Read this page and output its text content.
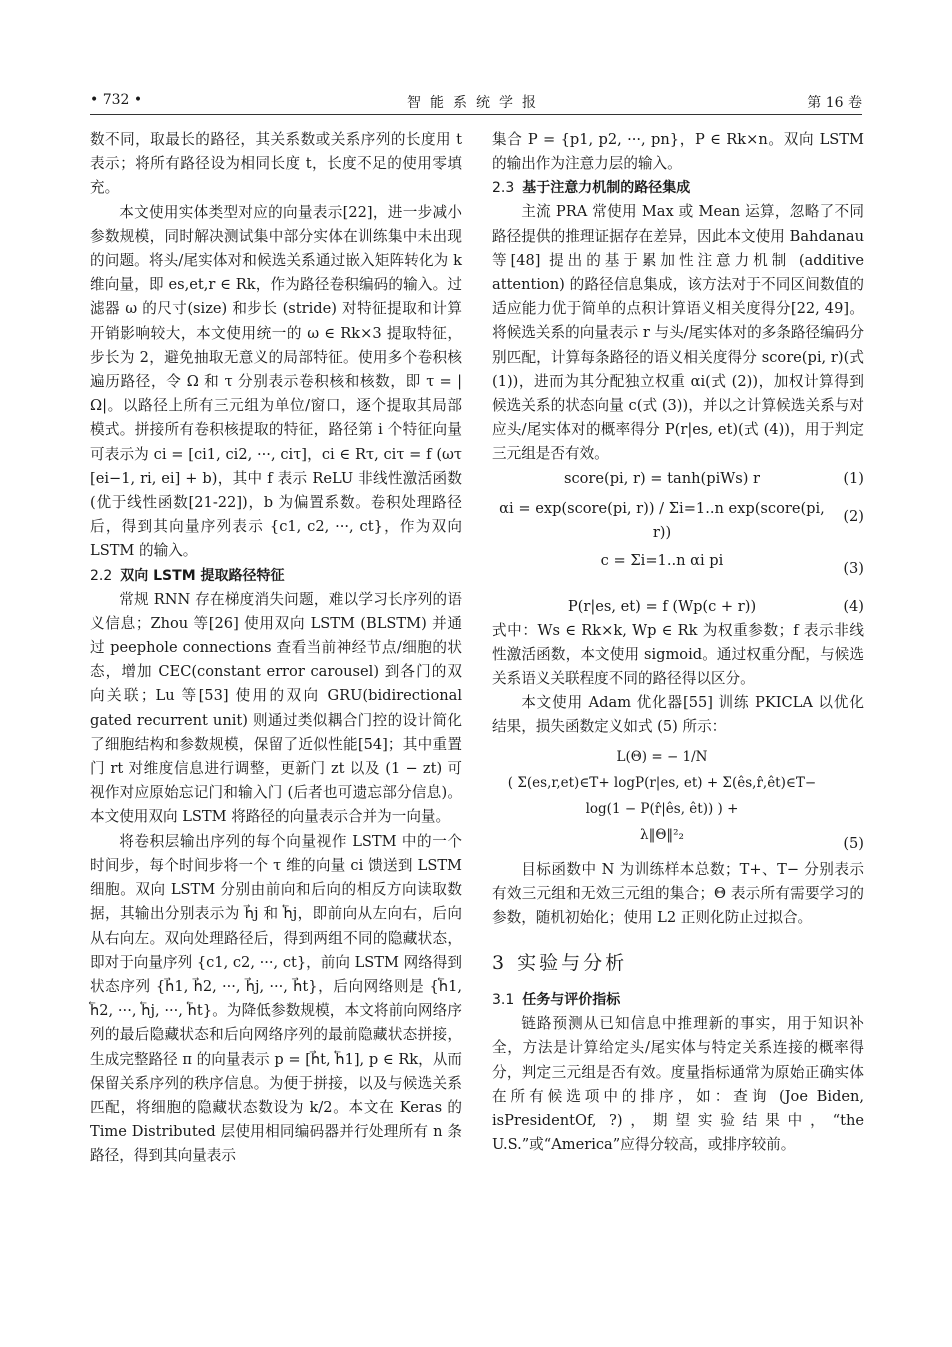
• 732 •	智能系统学报	第 16 卷

数不同，取最长的路径，其关系数或关系序列的长度用 t 表示；将所有路径设为相同长度 t，长度不足的使用零填充。

本文使用实体类型对应的向量表示[22]，进一步减小参数规模，同时解决测试集中部分实体在训练集中未出现的问题。将头/尾实体对和候选关系通过嵌入矩阵转化为 k 维向量，即 es,et,r ∈ Rk，作为路径卷积编码的输入。过滤器 ω 的尺寸(size) 和步长 (stride) 对特征提取和计算开销影响较大，本文使用统一的 ω ∈ Rk×3 提取特征，步长为 2，避免抽取无意义的局部特征。使用多个卷积核遍历路径，令 Ω 和 τ 分别表示卷积核和核数，即 τ = |Ω|。以路径上所有三元组为单位/窗口，逐个提取其局部模式。拼接所有卷积核提取的特征，路径第 i 个特征向量可表示为 ci = [ci1, ci2, ···, ciτ]，ci ∈ Rτ, ciτ = f (ωτ [ei−1, ri, ei] + b)，其中 f 表示 ReLU 非线性激活函数 (优于线性函数[21-22])，b 为偏置系数。卷积处理路径后，得到其向量序列表示 {c1, c2, ···, ct}，作为双向 LSTM 的输入。

2.2 双向 LSTM 提取路径特征

常规 RNN 存在梯度消失问题，难以学习长序列的语义信息；Zhou 等[26] 使用双向 LSTM (BLSTM) 并通过 peephole connections 查看当前神经节点/细胞的状态，增加 CEC(constant error carousel) 到各门的双向关联；Lu 等[53] 使用的双向 GRU(bidirectional gated recurrent unit) 则通过类似耦合门控的设计简化了细胞结构和参数规模，保留了近似性能[54]；其中重置门 rt 对维度信息进行调整，更新门 zt 以及 (1 − zt) 可视作对应原始忘记门和输入门 (后者也可遗忘部分信息)。本文使用双向 LSTM 将路径的向量表示合并为一向量。

将卷积层输出序列的每个向量视作 LSTM 中的一个时间步，每个时间步将一个 τ 维的向量 ci 馈送到 LSTM 细胞。双向 LSTM 分别由前向和后向的相反方向读取数据，其输出分别表示为 h⃗j 和 h⃖j，即前向从左向右，后向从右向左。双向处理路径后，得到两组不同的隐藏状态，即对于向量序列 {c1, c2, ···, ct}，前向 LSTM 网络得到状态序列 {h⃗1, h⃗2, ···, h⃗j, ···, h⃗t}，后向网络则是 {h⃖1, h⃖2, ···, h⃖j, ···, h⃖t}。为降低参数规模，本文将前向网络序列的最后隐藏状态和后向网络序列的最前隐藏状态拼接，生成完整路径 π 的向量表示 p = [h⃗t, h⃖1], p ∈ Rk，从而保留关系序列的秩序信息。为便于拼接，以及与候选关系匹配，将细胞的隐藏状态数设为 k/2。本文在 Keras 的 Time Distributed 层使用相同编码器并行处理所有 n 条路径，得到其向量表示

集合 P = {p1, p2, ···, pn}，P ∈ Rk×n。双向 LSTM 的输出作为注意力层的输入。

2.3 基于注意力机制的路径集成

主流 PRA 常使用 Max 或 Mean 运算，忽略了不同路径提供的推理证据存在差异，因此本文使用 Bahdanau 等[48] 提出的基于累加性注意力机制 (additive attention) 的路径信息集成，该方法对于不同区间数值的适应能力优于简单的点积计算语义相关度得分[22, 49]。将候选关系的向量表示 r 与头/尾实体对的多条路径编码分别匹配，计算每条路径的语义相关度得分 score(pi, r)(式 (1))，进而为其分配独立权重 αi(式 (2))，加权计算得到候选关系的状态向量 c(式 (3))，并以之计算候选关系与对应头/尾实体对的概率得分 P(r|es, et)(式 (4))，用于判定三元组是否有效。

score(pi, r) = tanh(piWs) r	(1)
αi = exp(score(pi, r)) / Σi=1..n exp(score(pi, r))
(2)
c = Σi=1..n αi pi	(3)
P(r|es, et) = f (Wp(c + r))	(4)

式中：Ws ∈ Rk×k, Wp ∈ Rk 为权重参数；f 表示非线性激活函数，本文使用 sigmoid。通过权重分配，与候选关系语义关联程度不同的路径得以区分。

本文使用 Adam 优化器[55] 训练 PKICLA 以优化结果，损失函数定义如式 (5) 所示：

L(Θ) = − 1/N
( Σ(es,r,et)∈T+ logP(r|es, et) + Σ(ês,r̂,êt)∈T− log(1 − P(r̂|ês, êt)) ) +
λ‖Θ‖²₂	(5)

目标函数中 N 为训练样本总数；T+、T− 分别表示有效三元组和无效三元组的集合；Θ 表示所有需要学习的参数，随机初始化；使用 L2 正则化防止过拟合。

3 实验与分析
3.1 任务与评价指标

链路预测从已知信息中推理新的事实，用于知识补全，方法是计算给定头/尾实体与特定关系连接的概率得分，判定三元组是否有效。度量指标通常为原始正确实体在所有候选项中的排序，如：查询 (Joe Biden, isPresidentOf, ?)，期望实验结果中，“the U.S.”或“America”应得分较高，或排序较前。
